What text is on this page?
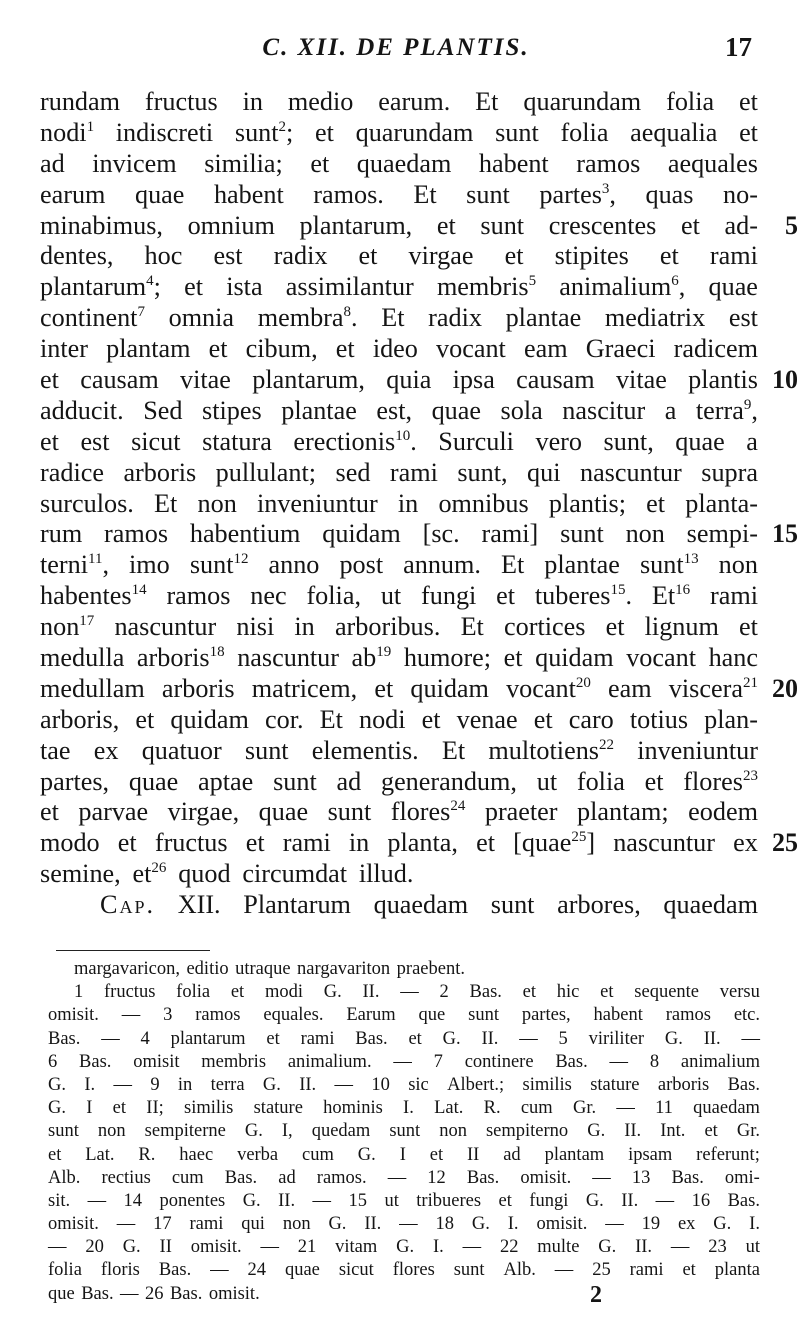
C. XII. DE PLANTIS.	17
rundam fructus in medio earum. Et quarundam folia et
nodi$^1$ indiscreti sunt$^2$; et quarundam sunt folia aequalia et
ad invicem similia; et quaedam habent ramos aequales
earum quae habent ramos. Et sunt partes$^3$, quas no-
minabimus, omnium plantarum, et sunt crescentes et ad- 5
dentes, hoc est radix et virgae et stipites et rami
plantarum$^4$; et ista assimilantur membris$^5$ animalium$^6$, quae
continent$^7$ omnia membra$^8$. Et radix plantae mediatrix est
inter plantam et cibum, et ideo vocant eam Graeci radicem
et causam vitae plantarum, quia ipsa causam vitae plantis 10
adducit. Sed stipes plantae est, quae sola nascitur a terra$^9$,
et est sicut statura erectionis$^{10}$. Surculi vero sunt, quae a
radice arboris pullulant; sed rami sunt, qui nascuntur supra
surculos. Et non inveniuntur in omnibus plantis; et planta-
rum ramos habentium quidam [sc. rami] sunt non sempi- 15
terni$^{11}$, imo sunt$^{12}$ anno post annum. Et plantae sunt$^{13}$ non
habentes$^{14}$ ramos nec folia, ut fungi et tuberes$^{15}$. Et$^{16}$ rami
non$^{17}$ nascuntur nisi in arboribus. Et cortices et lignum et
medulla arboris$^{18}$ nascuntur $ab^{19}$ humore; et quidam vocant hanc
medullam arboris matricem, et quidam vocant$^{20}$ eam viscera$^{21}$ 20
arboris, et quidam cor. Et nodi et venae et caro totius plan-
tae ex quatuor sunt elementis. Et multotiens$^{22}$ inveniuntur
partes, quae aptae sunt ad generandum, ut folia et flores$^{23}$
et parvae virgae, quae sunt flores$^{24}$ praeter plantam; eodem
modo et fructus et rami in planta, et [quae$^{25}$] nascuntur ex 25
semine, $et^{26}$ quod circumdat illud.
Cap. XII. Plantarum quaedam sunt arbores, quaedam
margavaricon, editio utraque nargavariton praebent.
1 fructus folia et modi G. II. — 2 Bas. et hic et sequente versu
omisit. — 3 ramos equales. Earum que sunt partes, habent ramos etc.
Bas. — 4 plantarum et rami Bas. et G. II. — 5 viriliter G. II. —
6 Bas. omisit membris animalium. — 7 continere Bas. — 8 animalium
G. I. — 9 in terra G. II. — 10 sic Albert.; similis stature arboris Bas.
G. I et II; similis stature hominis I. Lat. R. cum Gr. — 11 quaedam
sunt non sempiterne G. I, quedam sunt non sempiterno G. II. Int. et Gr.
et Lat. R. haec verba cum G. I et II ad plantam ipsam referunt;
Alb. rectius cum Bas. ad ramos. — 12 Bas. omisit. — 13 Bas. omi-
sit. — 14 ponentes G. II. — 15 ut tribueres et fungi G. II. — 16 Bas.
omisit. — 17 rami qui non G. II. — 18 G. I. omisit. — 19 ex G. I.
— 20 G. II omisit. — 21 vitam G. I. — 22 multe G. II. — 23 ut
folia floris Bas. — 24 quae sicut flores sunt Alb. — 25 rami et planta
que Bas. — 26 Bas. omisit.	2
